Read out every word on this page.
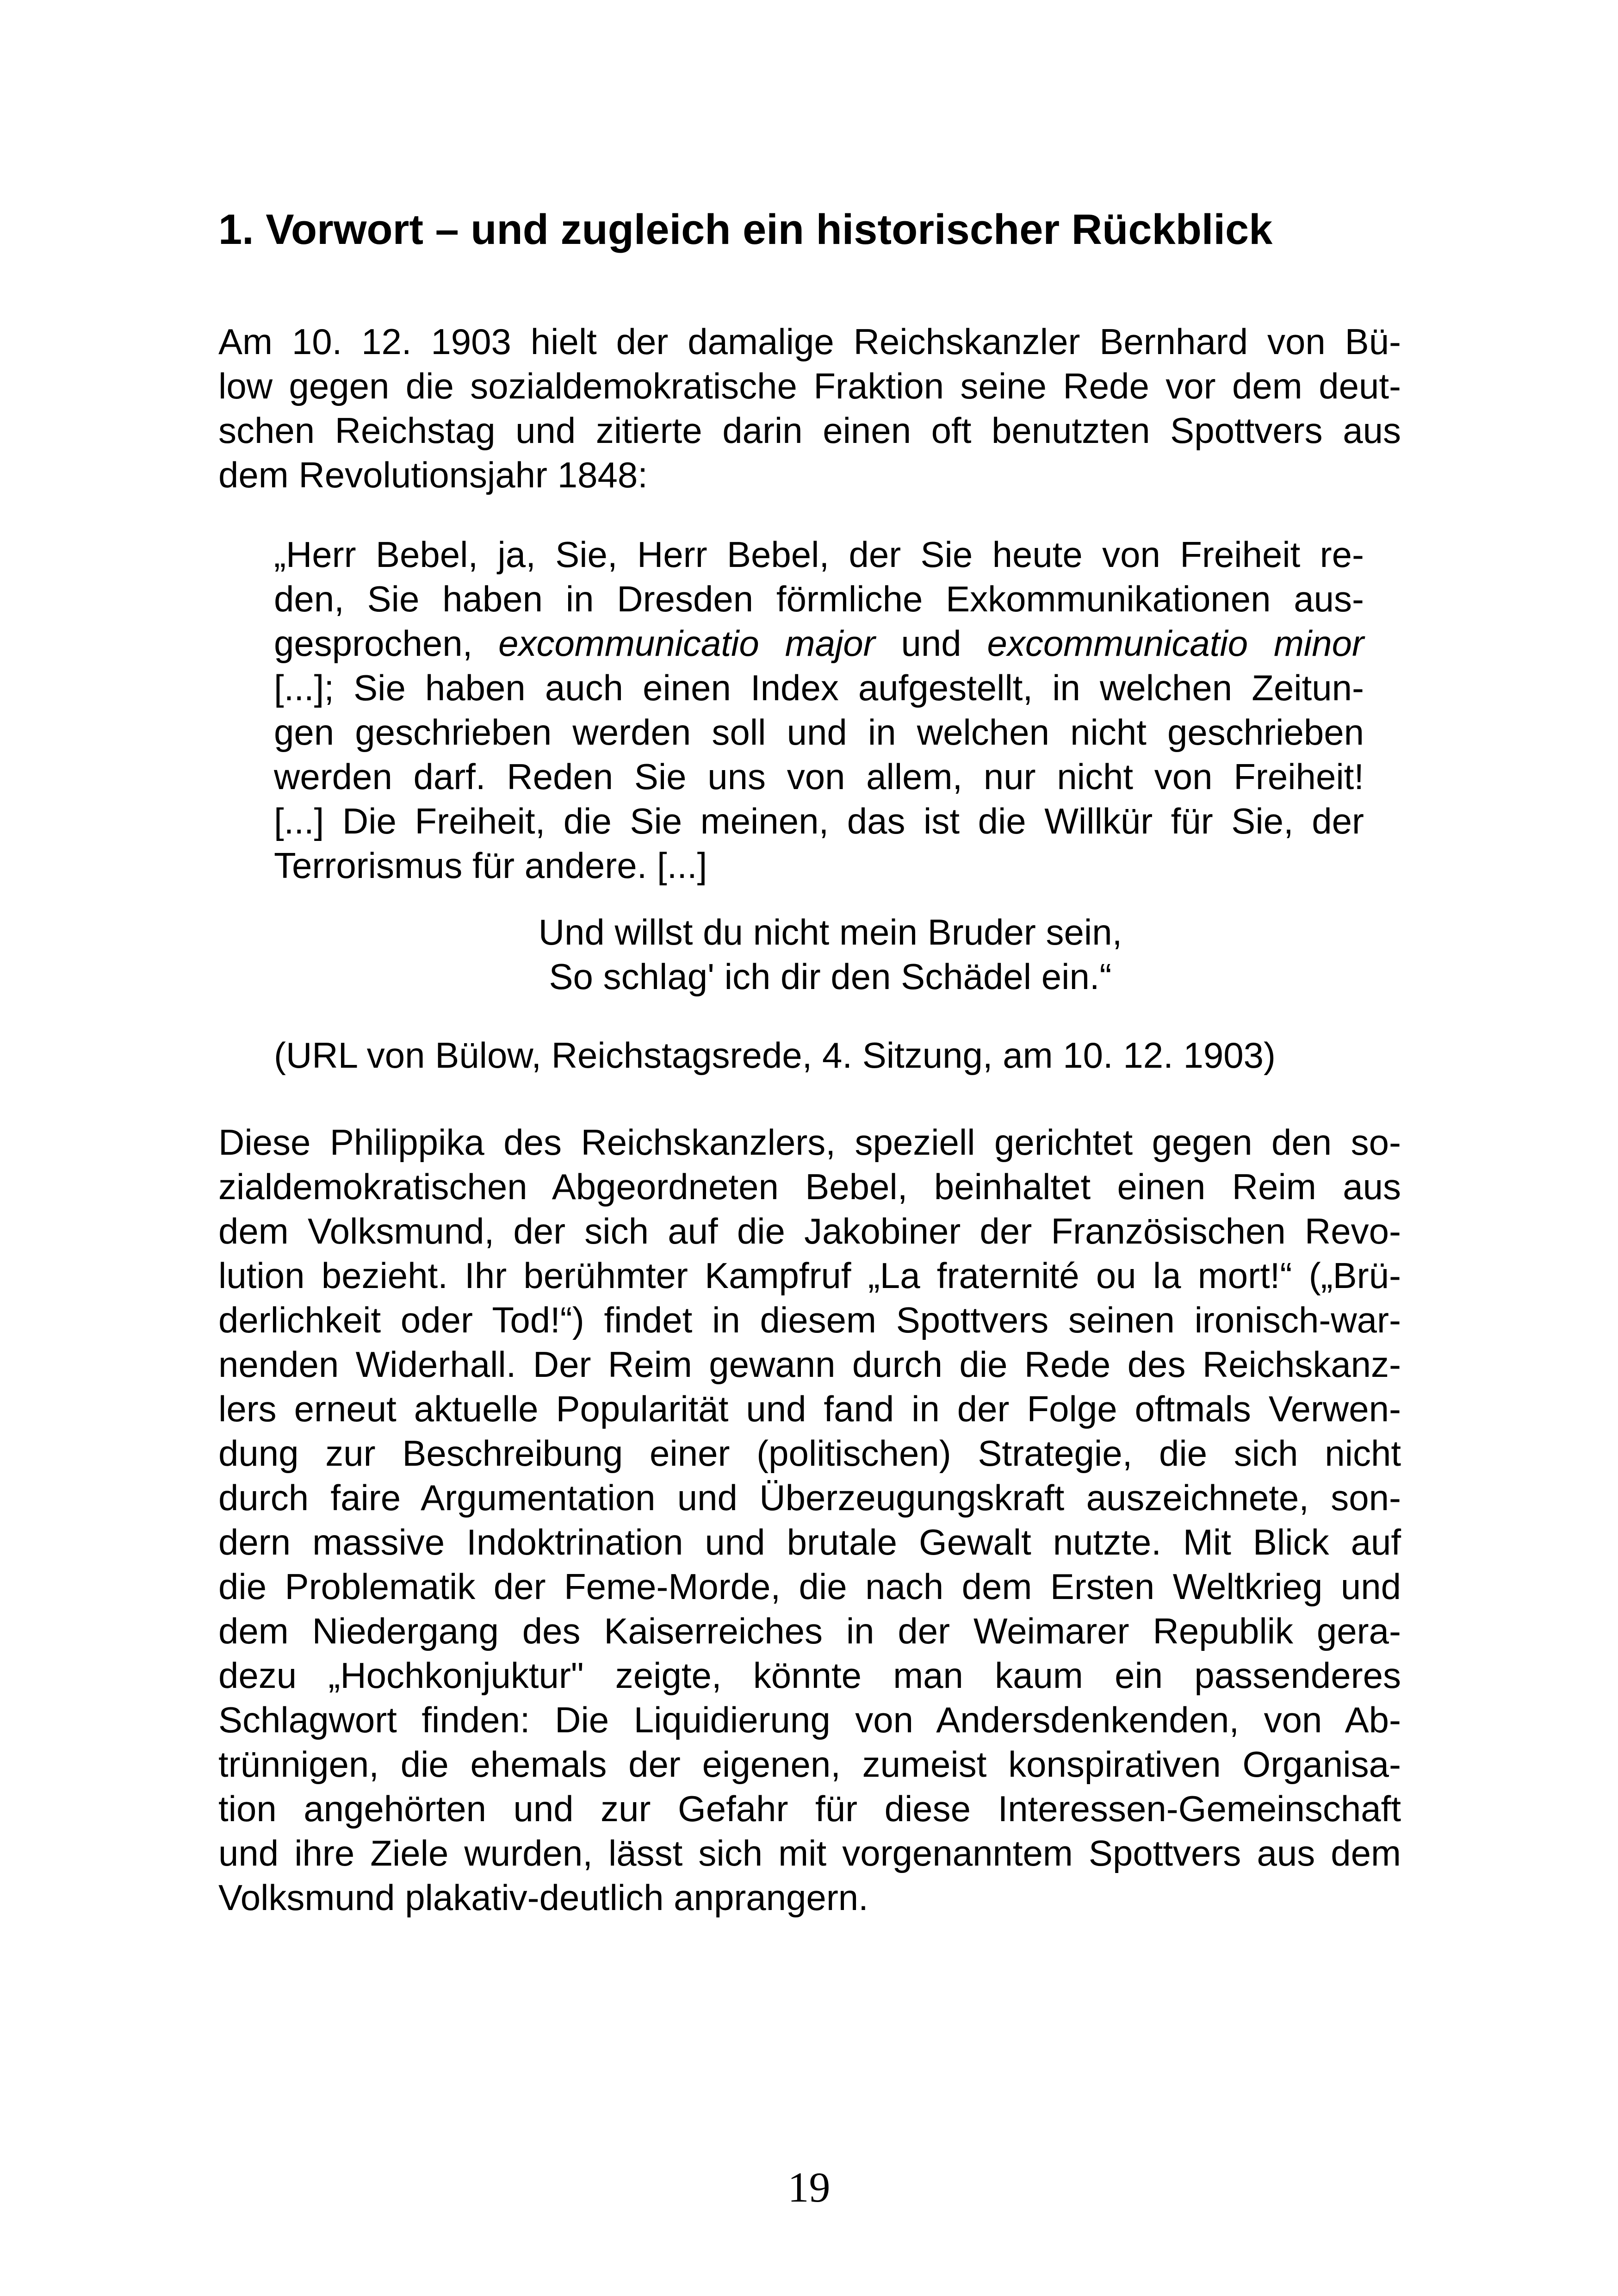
1. Vorwort – und zugleich ein historischer Rückblick
Am 10. 12. 1903 hielt der damalige Reichskanzler Bernhard von Bü-
low gegen die sozialdemokratische Fraktion seine Rede vor dem deut-
schen Reichstag und zitierte darin einen oft benutzten Spottvers aus
dem Revolutionsjahr 1848:
„Herr Bebel, ja, Sie, Herr Bebel, der Sie heute von Freiheit re-
den, Sie haben in Dresden förmliche Exkommunikationen aus-
gesprochen, excommunicatio major und excommunicatio minor
[...]; Sie haben auch einen Index aufgestellt, in welchen Zeitun-
gen geschrieben werden soll und in welchen nicht geschrieben
werden darf. Reden Sie uns von allem, nur nicht von Freiheit!
[...] Die Freiheit, die Sie meinen, das ist die Willkür für Sie, der
Terrorismus für andere. [...]
Und willst du nicht mein Bruder sein,
So schlag' ich dir den Schädel ein.“
(URL von Bülow, Reichstagsrede, 4. Sitzung, am 10. 12. 1903)
Diese Philippika des Reichskanzlers, speziell gerichtet gegen den so-
zialdemokratischen Abgeordneten Bebel, beinhaltet einen Reim aus
dem Volksmund, der sich auf die Jakobiner der Französischen Revo-
lution bezieht. Ihr berühmter Kampfruf „La fraternité ou la mort!“ („Brü-
derlichkeit oder Tod!“) findet in diesem Spottvers seinen ironisch-war-
nenden Widerhall. Der Reim gewann durch die Rede des Reichskanz-
lers erneut aktuelle Popularität und fand in der Folge oftmals Verwen-
dung zur Beschreibung einer (politischen) Strategie, die sich nicht
durch faire Argumentation und Überzeugungskraft auszeichnete, son-
dern massive Indoktrination und brutale Gewalt nutzte. Mit Blick auf
die Problematik der Feme-Morde, die nach dem Ersten Weltkrieg und
dem Niedergang des Kaiserreiches in der Weimarer Republik gera-
dezu „Hochkonjuktur" zeigte, könnte man kaum ein passenderes
Schlagwort finden: Die Liquidierung von Andersdenkenden, von Ab-
trünnigen, die ehemals der eigenen, zumeist konspirativen Organisa-
tion angehörten und zur Gefahr für diese Interessen-Gemeinschaft
und ihre Ziele wurden, lässt sich mit vorgenanntem Spottvers aus dem
Volksmund plakativ-deutlich anprangern.
19
